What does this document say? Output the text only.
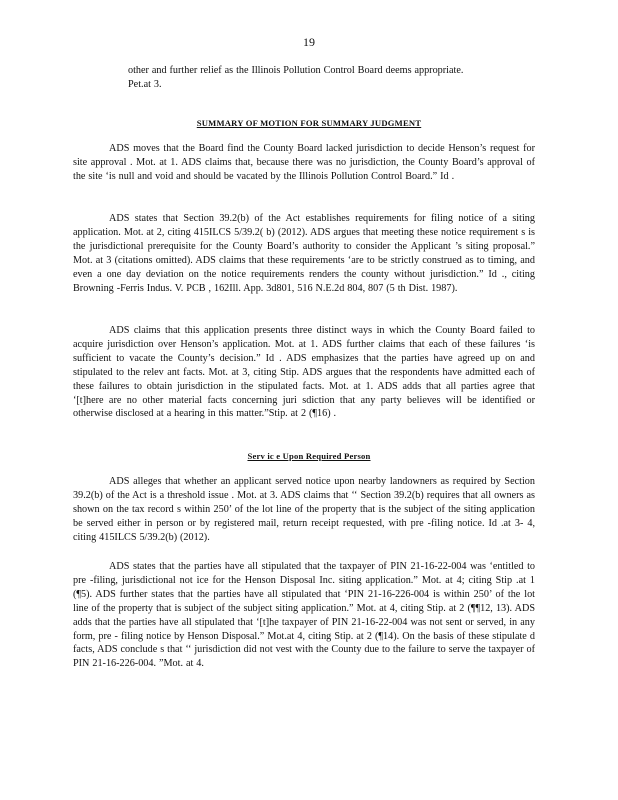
19

other and further relief as the Illinois Pollution Control Board deems appropriate. Pet.at 3.

SUMMARY OF MOTION FOR SUMMARY JUDGMENT

ADS moves that the Board find the County Board lacked jurisdiction to decide Henson’s request for site approval . Mot. at 1. ADS claims that, because there was no jurisdiction, the County Board’s approval of the site ‘is null and void and should be vacated by the Illinois Pollution Control Board.” Id .

ADS states that Section 39.2(b) of the Act establishes requirements for filing notice of a siting application. Mot. at 2, citing 415ILCS 5/39.2( b) (2012). ADS argues that meeting these notice requirement s is the jurisdictional prerequisite for the County Board’s authority to consider the Applicant ’s siting proposal.” Mot. at 3 (citations omitted). ADS claims that these requirements ‘are to be strictly construed as to timing, and even a one day deviation on the notice requirements renders the county without jurisdiction.” Id ., citing Browning -Ferris Indus. V. PCB , 162Ill. App. 3d801, 516 N.E.2d 804, 807 (5 th Dist. 1987).

ADS claims that this application presents three distinct ways in which the County Board failed to acquire jurisdiction over Henson’s application. Mot. at 1. ADS further claims that each of these failures ‘is sufficient to vacate the County’s decision.” Id . ADS emphasizes that the parties have agreed up on and stipulated to the relev ant facts. Mot. at 3, citing Stip. ADS argues that the respondents have admitted each of these failures to obtain jurisdiction in the stipulated facts. Mot. at 1. ADS adds that all parties agree that ‘[t]here are no other material facts concerning juri sdiction that any party believes will be identified or otherwise disclosed at a hearing in this matter.”Stip. at 2 (¶16) .

Serv ic e Upon Required Person

ADS alleges that whether an applicant served notice upon nearby landowners as required by Section 39.2(b) of the Act is a threshold issue . Mot. at 3. ADS claims that ‘‘ Section 39.2(b) requires that all owners as shown on the tax record s within 250’ of the lot line of the property that is the subject of the siting application be served either in person or by registered mail, return receipt requested, with pre -filing notice. Id .at 3- 4, citing 415ILCS 5/39.2(b) (2012).

ADS states that the parties have all stipulated that the taxpayer of PIN 21-16-22-004 was ‘entitled to pre -filing, jurisdictional not ice for the Henson Disposal Inc. siting application.” Mot. at 4; citing Stip .at 1 (¶5). ADS further states that the parties have all stipulated that ‘PIN 21-16-226-004 is within 250’ of the lot line of the property that is subject of the subject siting application.” Mot. at 4, citing Stip. at 2 (¶¶12, 13). ADS adds that the parties have all stipulated that ‘[t]he taxpayer of PIN 21-16-22-004 was not sent or served, in any form, pre - filing notice by Henson Disposal.” Mot.at 4, citing Stip. at 2 (¶14). On the basis of these stipulate d facts, ADS conclude s that ‘‘ jurisdiction did not vest with the County due to the failure to serve the taxpayer of PIN 21-16-226-004. ”Mot. at 4.
